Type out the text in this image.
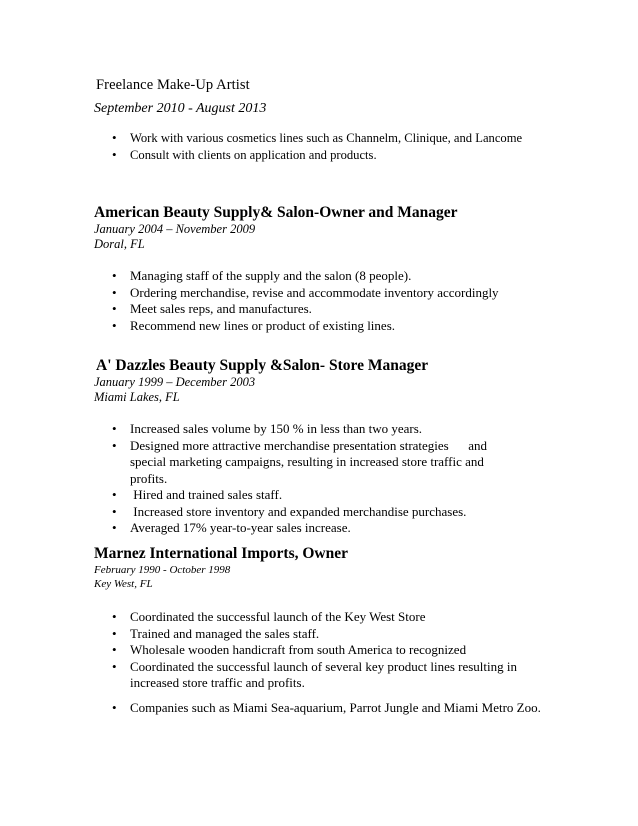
Freelance Make-Up Artist
September 2010 - August 2013
• Work with various cosmetics lines such as Channelm, Clinique, and Lancome
• Consult with clients on application and products.
American Beauty Supply& Salon-Owner and Manager
January 2004 – November 2009
Doral, FL
• Managing staff of the supply and the salon (8 people).
• Ordering merchandise, revise and accommodate inventory accordingly
• Meet sales reps, and manufactures.
• Recommend new lines or product of existing lines.
A' Dazzles Beauty Supply &Salon- Store Manager
January 1999 – December 2003
Miami Lakes, FL
• Increased sales volume by 150 % in less than two years.
• Designed more attractive merchandise presentation strategies      and special marketing campaigns, resulting in increased store traffic and profits.
• Hired and trained sales staff.
• Increased store inventory and expanded merchandise purchases.
• Averaged 17% year-to-year sales increase.
Marnez International Imports, Owner
February 1990 - October 1998
Key West, FL
• Coordinated the successful launch of the Key West Store
• Trained and managed the sales staff.
• Wholesale wooden handicraft from south America to recognized
• Coordinated the successful launch of several key product lines resulting in increased store traffic and profits.
• Companies such as Miami Sea-aquarium, Parrot Jungle and Miami Metro Zoo.
